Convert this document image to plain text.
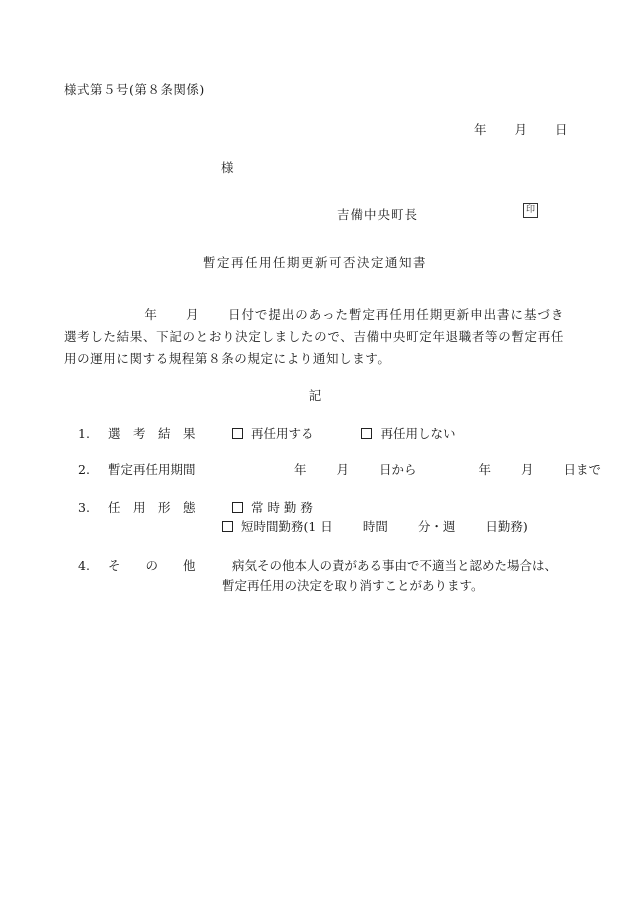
様式第５号(第８条関係)
年 月 日
様
吉備中央町長	印
暫定再任用任期更新可否決定通知書
年 月 日付で提出のあった暫定再任用任期更新申出書に基づき選考した結果、下記のとおり決定しましたので、吉備中央町定年退職者等の暫定再任用の運用に関する規程第８条の規定により通知します。
記
1. 選　考　結　果	再任用する	再任用しない
2. 暫定再任用期間	年 月 日から	年 月 日まで
3. 任　用　形　態	常 時 勤 務
短時間勤務(1 日 時間 分・週 日勤務)
4. そ　　の　　他	病気その他本人の責がある事由で不適当と認めた場合は、
暫定再任用の決定を取り消すことがあります。
